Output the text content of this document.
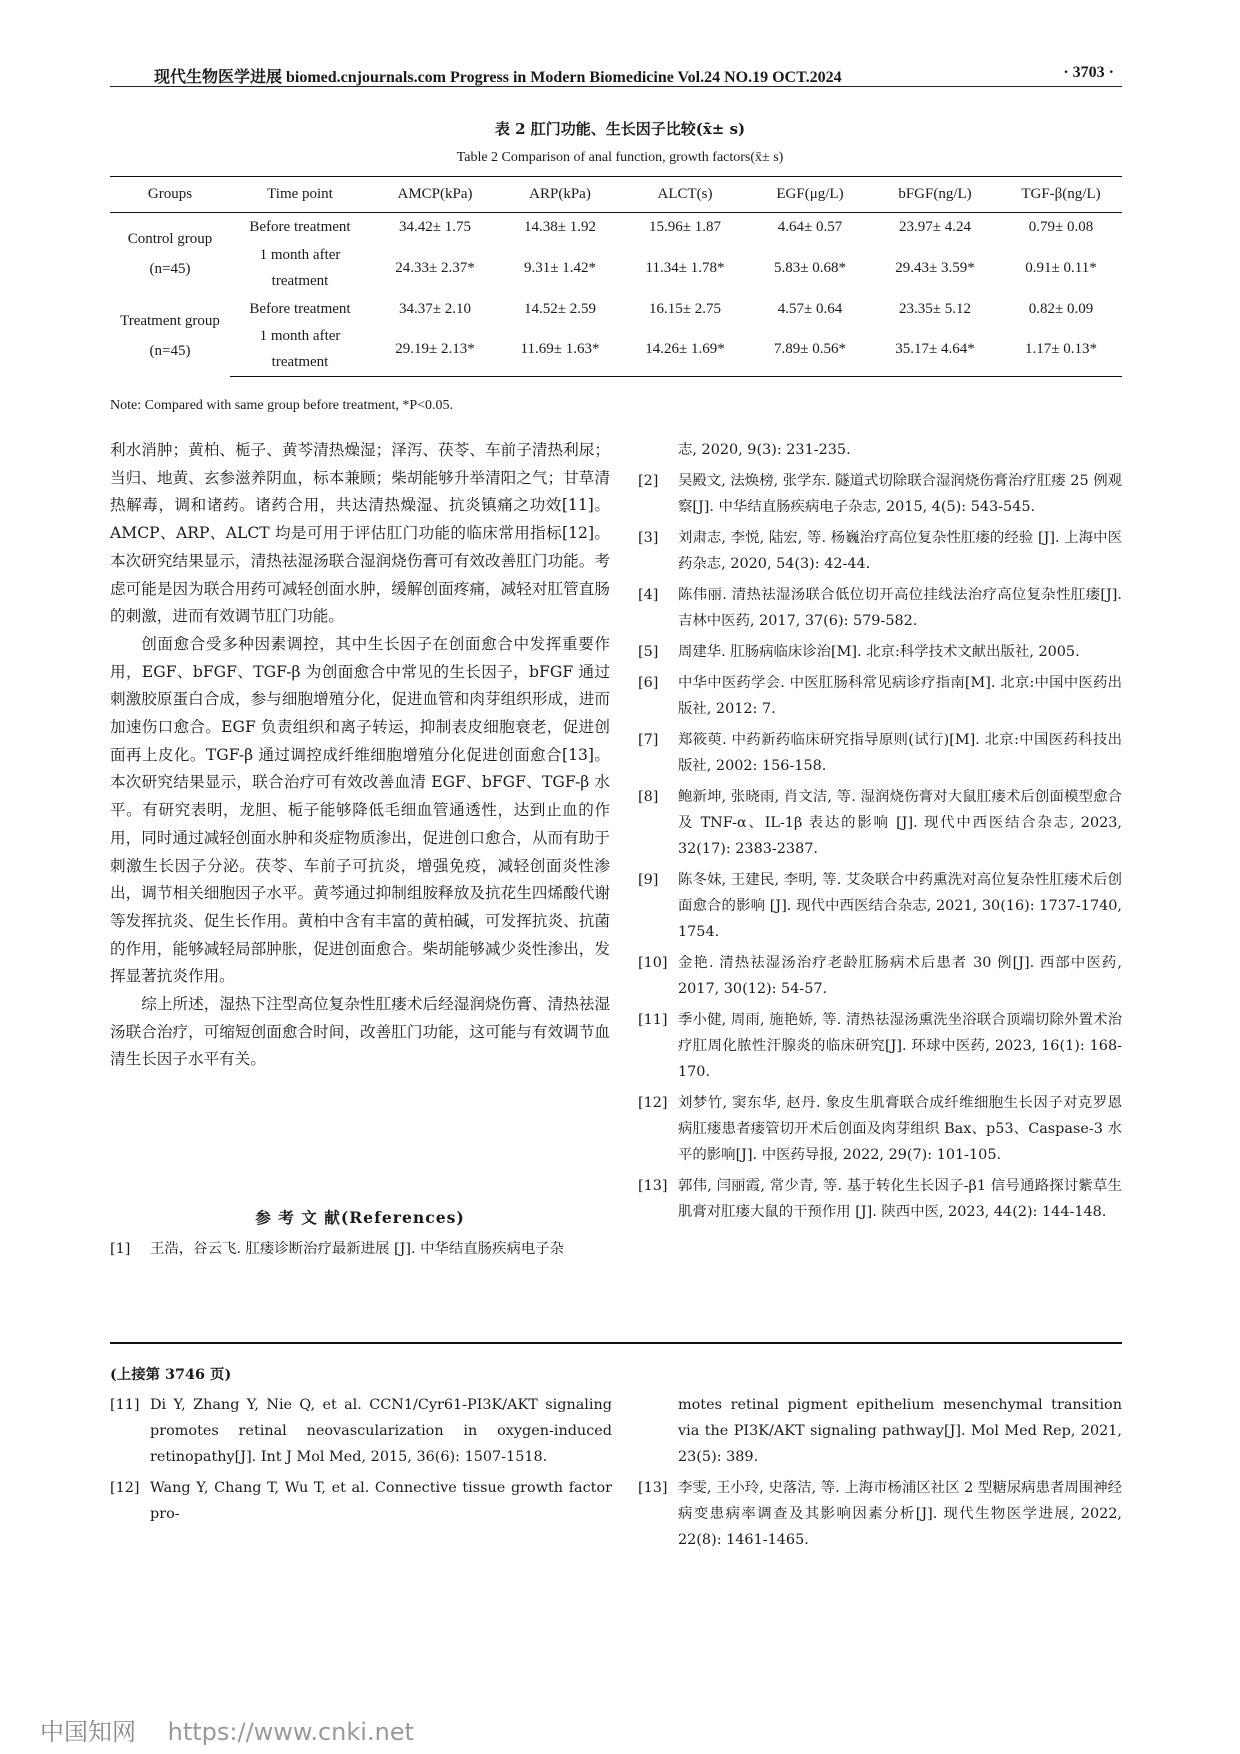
现代生物医学进展 biomed.cnjournals.com Progress in Modern Biomedicine Vol.24 NO.19 OCT.2024	· 3703 ·
表 2 肛门功能、生长因子比较(x̄± s)
Table 2 Comparison of anal function, growth factors(x̄± s)
Groups	Time point	AMCP(kPa)	ARP(kPa)	ALCT(s)	EGF(μg/L)	bFGF(ng/L)	TGF-β(ng/L)

Control group
(n=45)	Before treatment	34.42± 1.75	14.38± 1.92	15.96± 1.87	4.64± 0.57	23.97± 4.24	0.79± 0.08
	1 month after treatment	24.33± 2.37*	9.31± 1.42*	11.34± 1.78*	5.83± 0.68*	29.43± 3.59*	0.91± 0.11*

Treatment group
(n=45)	Before treatment	34.37± 2.10	14.52± 2.59	16.15± 2.75	4.57± 0.64	23.35± 5.12	0.82± 0.09
	1 month after treatment	29.19± 2.13*	11.69± 1.63*	14.26± 1.69*	7.89± 0.56*	35.17± 4.64*	1.17± 0.13*
Note: Compared with same group before treatment, *P<0.05.

利水消肿；黄柏、栀子、黄芩清热燥湿；泽泻、茯苓、车前子清热利尿；当归、地黄、玄参滋养阴血，标本兼顾；柴胡能够升举清阳之气；甘草清热解毒，调和诸药。诸药合用，共达清热燥湿、抗炎镇痛之功效[11]。AMCP、ARP、ALCT 均是可用于评估肛门功能的临床常用指标[12]。本次研究结果显示，清热祛湿汤联合湿润烧伤膏可有效改善肛门功能。考虑可能是因为联合用药可减轻创面水肿，缓解创面疼痛，减轻对肛管直肠的刺激，进而有效调节肛门功能。

创面愈合受多种因素调控，其中生长因子在创面愈合中发挥重要作用，EGF、bFGF、TGF-β 为创面愈合中常见的生长因子，bFGF 通过刺激胶原蛋白合成，参与细胞增殖分化，促进血管和肉芽组织形成，进而加速伤口愈合。EGF 负责组织和离子转运，抑制表皮细胞衰老，促进创面再上皮化。TGF-β 通过调控成纤维细胞增殖分化促进创面愈合[13]。本次研究结果显示，联合治疗可有效改善血清 EGF、bFGF、TGF-β 水平。有研究表明，龙胆、栀子能够降低毛细血管通透性，达到止血的作用，同时通过减轻创面水肿和炎症物质渗出，促进创口愈合，从而有助于刺激生长因子分泌。茯苓、车前子可抗炎，增强免疫，减轻创面炎性渗出，调节相关细胞因子水平。黄芩通过抑制组胺释放及抗花生四烯酸代谢等发挥抗炎、促生长作用。黄柏中含有丰富的黄柏碱，可发挥抗炎、抗菌的作用，能够减轻局部肿胀，促进创面愈合。柴胡能够减少炎性渗出，发挥显著抗炎作用。

综上所述，湿热下注型高位复杂性肛瘘术后经湿润烧伤膏、清热祛湿汤联合治疗，可缩短创面愈合时间，改善肛门功能，这可能与有效调节血清生长因子水平有关。

参 考 文 献(References)
[1] 王浩，谷云飞. 肛瘘诊断治疗最新进展 [J]. 中华结直肠疾病电子杂
志, 2020, 9(3): 231-235.
[2] 吴殿文, 法焕榜, 张学东. 隧道式切除联合湿润烧伤膏治疗肛瘘 25 例观察[J]. 中华结直肠疾病电子杂志, 2015, 4(5): 543-545.
[3] 刘肃志, 李悦, 陆宏, 等. 杨巍治疗高位复杂性肛瘘的经验 [J]. 上海中医药杂志, 2020, 54(3): 42-44.
[4] 陈伟丽. 清热祛湿汤联合低位切开高位挂线法治疗高位复杂性肛瘘[J]. 吉林中医药, 2017, 37(6): 579-582.
[5] 周建华. 肛肠病临床诊治[M]. 北京:科学技术文献出版社, 2005.
[6] 中华中医药学会. 中医肛肠科常见病诊疗指南[M]. 北京:中国中医药出版社, 2012: 7.
[7] 郑筱萸. 中药新药临床研究指导原则(试行)[M]. 北京:中国医药科技出版社, 2002: 156-158.
[8] 鲍新坤, 张晓雨, 肖文洁, 等. 湿润烧伤膏对大鼠肛瘘术后创面模型愈合及 TNF-α、IL-1β 表达的影响 [J]. 现代中西医结合杂志, 2023, 32(17): 2383-2387.
[9] 陈冬妹, 王建民, 李明, 等. 艾灸联合中药熏洗对高位复杂性肛瘘术后创面愈合的影响 [J]. 现代中西医结合杂志, 2021, 30(16): 1737-1740, 1754.
[10] 金艳. 清热祛湿汤治疗老龄肛肠病术后患者 30 例[J]. 西部中医药, 2017, 30(12): 54-57.
[11] 季小健, 周雨, 施艳娇, 等. 清热祛湿汤熏洗坐浴联合顶端切除外置术治疗肛周化脓性汗腺炎的临床研究[J]. 环球中医药, 2023, 16(1): 168-170.
[12] 刘梦竹, 窦东华, 赵丹. 象皮生肌膏联合成纤维细胞生长因子对克罗恩病肛瘘患者瘘管切开术后创面及肉芽组织 Bax、p53、Caspase-3 水平的影响[J]. 中医药导报, 2022, 29(7): 101-105.
[13] 郭伟, 闫丽霞, 常少青, 等. 基于转化生长因子-β1 信号通路探讨紫草生肌膏对肛瘘大鼠的干预作用 [J]. 陕西中医, 2023, 44(2): 144-148.
(上接第 3746 页)
[11] Di Y, Zhang Y, Nie Q, et al. CCN1/Cyr61-PI3K/AKT signaling promotes retinal neovascularization in oxygen-induced retinopathy[J]. Int J Mol Med, 2015, 36(6): 1507-1518.
[12] Wang Y, Chang T, Wu T, et al. Connective tissue growth factor pro-
motes retinal pigment epithelium mesenchymal transition via the PI3K/AKT signaling pathway[J]. Mol Med Rep, 2021, 23(5): 389.
[13] 李雯, 王小玲, 史落洁, 等. 上海市杨浦区社区 2 型糖尿病患者周围神经病变患病率调查及其影响因素分析[J]. 现代生物医学进展, 2022, 22(8): 1461-1465.
中国知网 https://www.cnki.net
